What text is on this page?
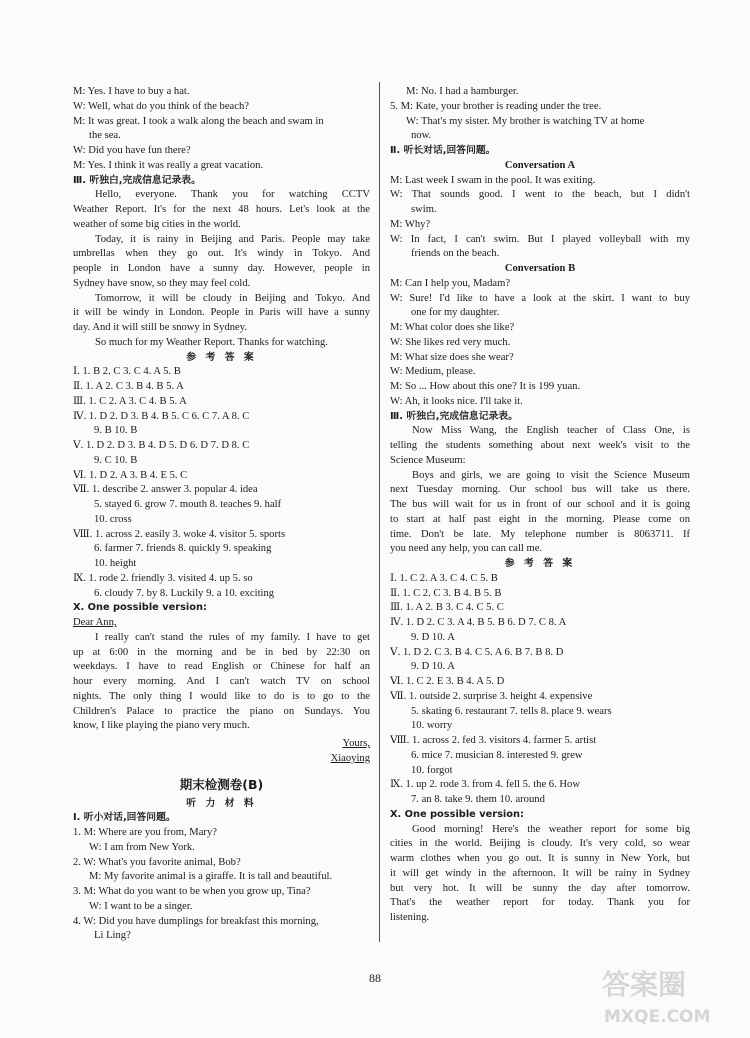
M: Yes. I have to buy a hat.
W: Well, what do you think of the beach?
M: It was great. I took a walk along the beach and swam in
the sea.
W: Did you have fun there?
M: Yes. I think it was really a great vacation.
Ⅲ. 听独白,完成信息记录表。
Hello, everyone. Thank you for watching CCTV
Weather Report. It's for the next 48 hours. Let's look at the
weather of some big cities in the world.
Today, it is rainy in Beijing and Paris. People may take
umbrellas when they go out. It's windy in Tokyo. And
people in London have a sunny day. However, people in
Sydney have snow, so they may feel cold.
Tomorrow, it will be cloudy in Beijing and Tokyo. And
it will be windy in London. People in Paris will have a sunny
day. And it will still be snowy in Sydney.
So much for my Weather Report. Thanks for watching.
参 考 答 案
Ⅰ. 1. B 2. C 3. C 4. A 5. B
Ⅱ. 1. A 2. C 3. B 4. B 5. A
Ⅲ. 1. C 2. A 3. C 4. B 5. A
Ⅳ. 1. D 2. D 3. B 4. B 5. C 6. C 7. A 8. C
9. B 10. B
Ⅴ. 1. D 2. D 3. B 4. D 5. D 6. D 7. D 8. C
9. C 10. B
Ⅵ. 1. D 2. A 3. B 4. E 5. C
Ⅶ. 1. describe 2. answer 3. popular 4. idea
5. stayed 6. grow 7. mouth 8. teaches 9. half
10. cross
Ⅷ. 1. across 2. easily 3. woke 4. visitor 5. sports
6. farmer 7. friends 8. quickly 9. speaking
10. height
Ⅸ. 1. rode 2. friendly 3. visited 4. up 5. so
6. cloudy 7. by 8. Luckily 9. a 10. exciting
Ⅹ. One possible version:
Dear Ann,
I really can't stand the rules of my family. I have to get
up at 6:00 in the morning and be in bed by 22:30 on
weekdays. I have to read English or Chinese for half an
hour every morning. And I can't watch TV on school
nights. The only thing I would like to do is to go to the
Children's Palace to practice the piano on Sundays. You
know, I like playing the piano very much.
Yours,
Xiaoying
期末检测卷(B)
听 力 材 料
Ⅰ. 听小对话,回答问题。
1. M: Where are you from, Mary?
W: I am from New York.
2. W: What's you favorite animal, Bob?
M: My favorite animal is a giraffe. It is tall and beautiful.
3. M: What do you want to be when you grow up, Tina?
W: I want to be a singer.
4. W: Did you have dumplings for breakfast this morning,
Li Ling?
M: No. I had a hamburger.
5. M: Kate, your brother is reading under the tree.
W: That's my sister. My brother is watching TV at home
now.
Ⅱ. 听长对话,回答问题。
Conversation A
M: Last week I swam in the pool. It was exiting.
W: That sounds good. I went to the beach, but I didn't
swim.
M: Why?
W: In fact, I can't swim. But I played volleyball with my
friends on the beach.
Conversation B
M: Can I help you, Madam?
W: Sure! I'd like to have a look at the skirt. I want to buy
one for my daughter.
M: What color does she like?
W: She likes red very much.
M: What size does she wear?
W: Medium, please.
M: So ... How about this one? It is 199 yuan.
W: Ah, it looks nice. I'll take it.
Ⅲ. 听独白,完成信息记录表。
Now Miss Wang, the English teacher of Class One, is
telling the students something about next week's visit to the
Science Museum:
Boys and girls, we are going to visit the Science Museum
next Tuesday morning. Our school bus will take us there.
The bus will wait for us in front of our school and it is going
to start at half past eight in the morning. Please come on
time. Don't be late. My telephone number is 8063711. If
you need any help, you can call me.
参 考 答 案
Ⅰ. 1. C 2. A 3. C 4. C 5. B
Ⅱ. 1. C 2. C 3. B 4. B 5. B
Ⅲ. 1. A 2. B 3. C 4. C 5. C
Ⅳ. 1. D 2. C 3. A 4. B 5. B 6. D 7. C 8. A
9. D 10. A
Ⅴ. 1. D 2. C 3. B 4. C 5. A 6. B 7. B 8. D
9. D 10. A
Ⅵ. 1. C 2. E 3. B 4. A 5. D
Ⅶ. 1. outside 2. surprise 3. height 4. expensive
5. skating 6. restaurant 7. tells 8. place 9. wears
10. worry
Ⅷ. 1. across 2. fed 3. visitors 4. farmer 5. artist
6. mice 7. musician 8. interested 9. grew
10. forgot
Ⅸ. 1. up 2. rode 3. from 4. fell 5. the 6. How
7. an 8. take 9. them 10. around
Ⅹ. One possible version:
Good morning! Here's the weather report for some big
cities in the world. Beijing is cloudy. It's very cold, so wear
warm clothes when you go out. It is sunny in New York, but
it will get windy in the afternoon. It will be rainy in Sydney
but very hot. It will be sunny the day after tomorrow.
That's the weather report for today. Thank you for
listening.
88	答案圈
MXQE.COM
